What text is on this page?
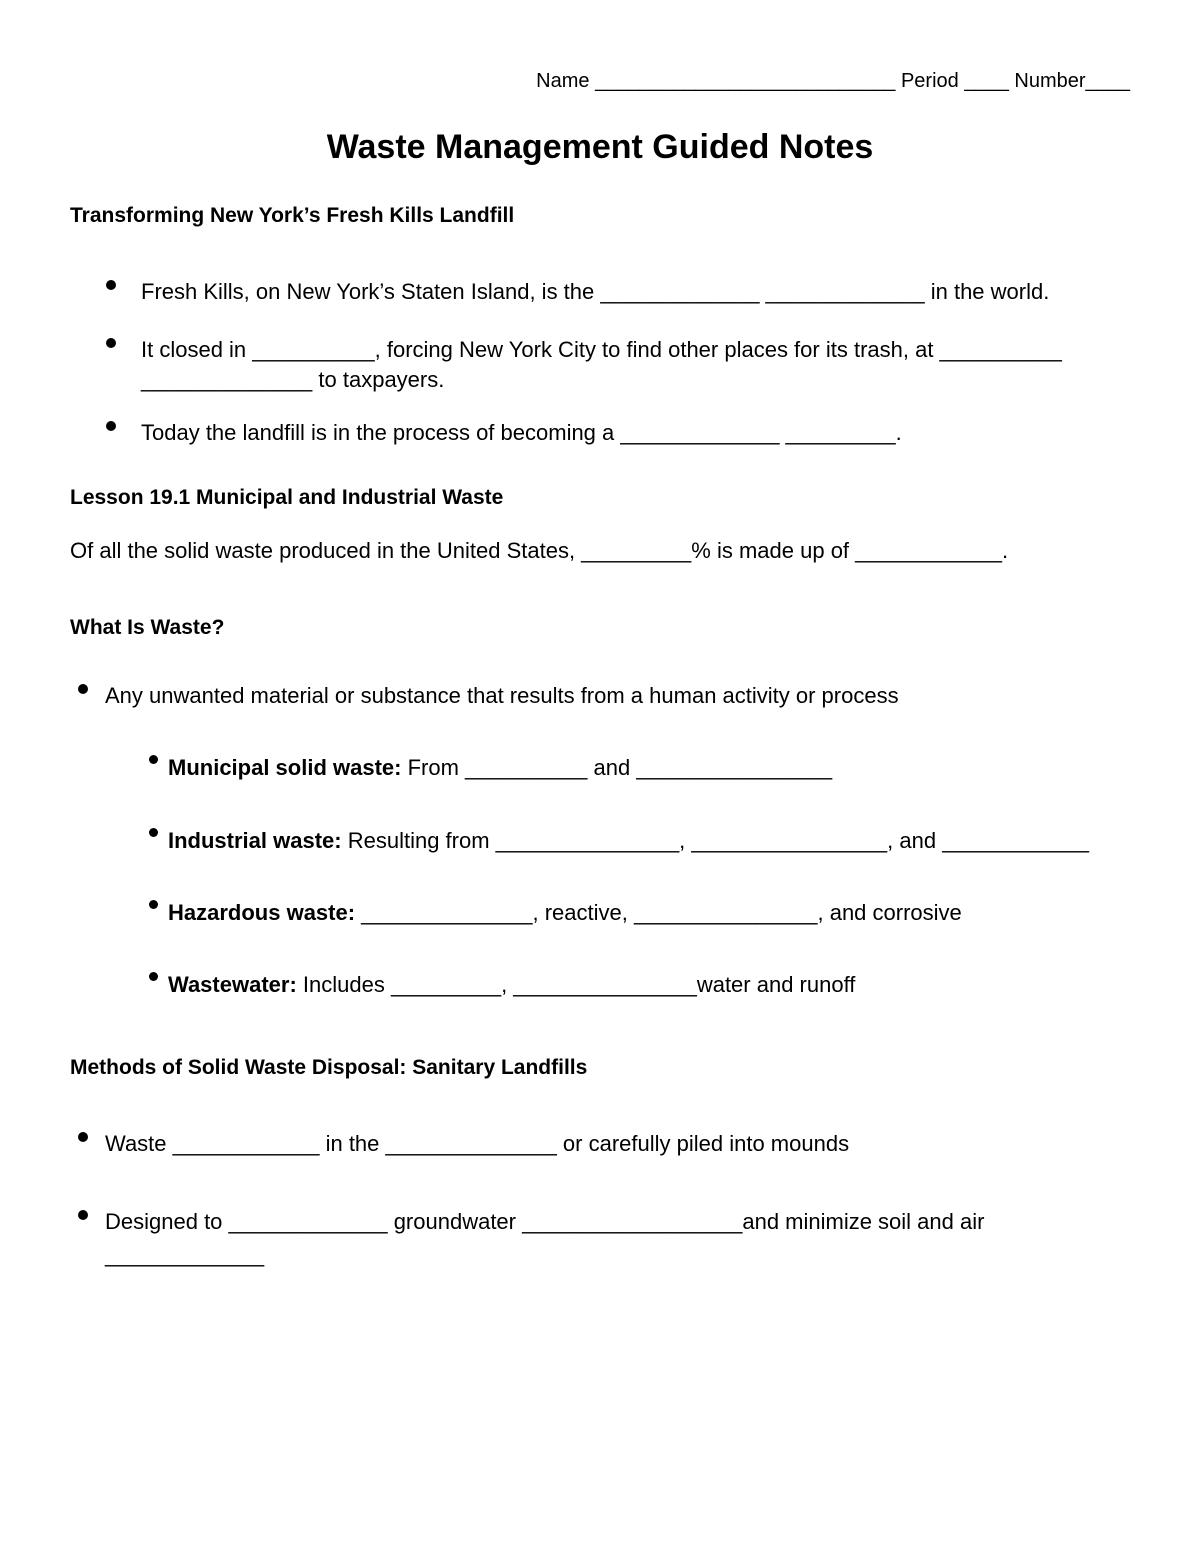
Name ___________________________ Period ____ Number____
Waste Management Guided Notes
Transforming New York’s Fresh Kills Landfill

Fresh Kills, on New York’s Staten Island, is the _____________ _____________ in the world.

It closed in __________, forcing New York City to find other places for its trash, at __________

______________ to taxpayers.

Today the landfill is in the process of becoming a _____________ _________.

Lesson 19.1 Municipal and Industrial Waste

Of all the solid waste produced in the United States, _________% is made up of ____________.

What Is Waste?

Any unwanted material or substance that results from a human activity or process

Municipal solid waste: From __________ and ________________

Industrial waste: Resulting from _______________, ________________, and ____________

Hazardous waste: ______________, reactive, _______________, and corrosive

Wastewater: Includes _________, _______________water and runoff

Methods of Solid Waste Disposal: Sanitary Landfills

Waste ____________ in the ______________ or carefully piled into mounds

Designed to _____________ groundwater __________________and minimize soil and air

_____________
